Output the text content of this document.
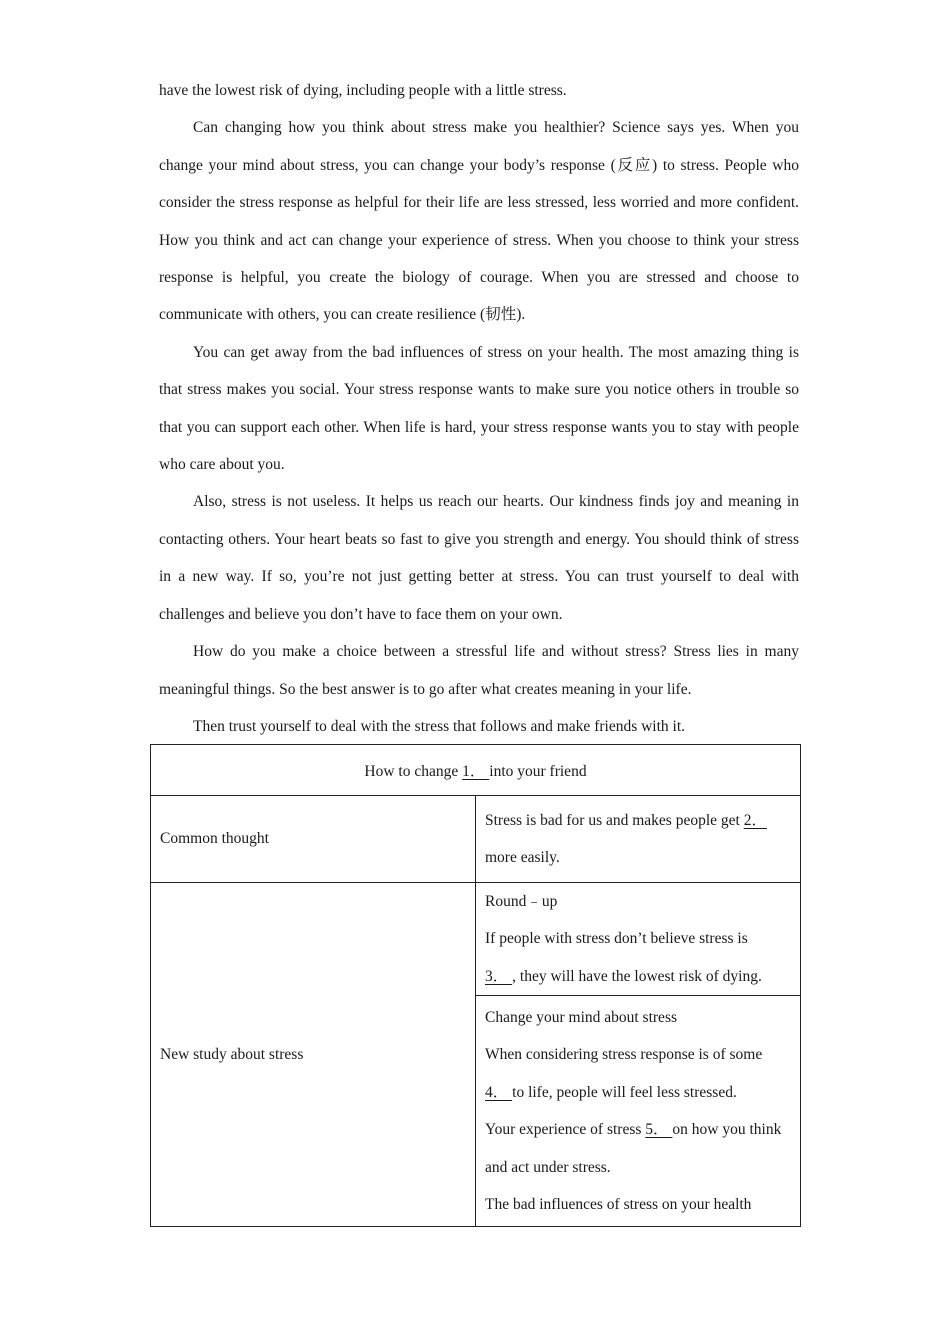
have the lowest risk of dying, including people with a little stress.

Can changing how you think about stress make you healthier? Science says yes. When you change your mind about stress, you can change your body’s response (反应) to stress. People who consider the stress response as helpful for their life are less stressed, less worried and more confident. How you think and act can change your experience of stress. When you choose to think your stress response is helpful, you create the biology of courage. When you are stressed and choose to communicate with others, you can create resilience (韧性).

You can get away from the bad influences of stress on your health. The most amazing thing is that stress makes you social. Your stress response wants to make sure you notice others in trouble so that you can support each other. When life is hard, your stress response wants you to stay with people who care about you.

Also, stress is not useless. It helps us reach our hearts. Our kindness finds joy and meaning in contacting others. Your heart beats so fast to give you strength and energy. You should think of stress in a new way. If so, you’re not just getting better at stress. You can trust yourself to deal with challenges and believe you don’t have to face them on your own.

How do you make a choice between a stressful life and without stress? Stress lies in many meaningful things. So the best answer is to go after what creates meaning in your life.

Then trust yourself to deal with the stress that follows and make friends with it.

How to change 1． into your friend	
Common thought	Stress is bad for us and makes people get 2．
more easily.
New study about stress	Round﹣up
If people with stress don’t believe stress is
3． , they will have the lowest risk of dying.
	Change your mind about stress
When considering stress response is of some
4． to life, people will feel less stressed.
Your experience of stress 5． on how you think and act under stress.
The bad influences of stress on your health
